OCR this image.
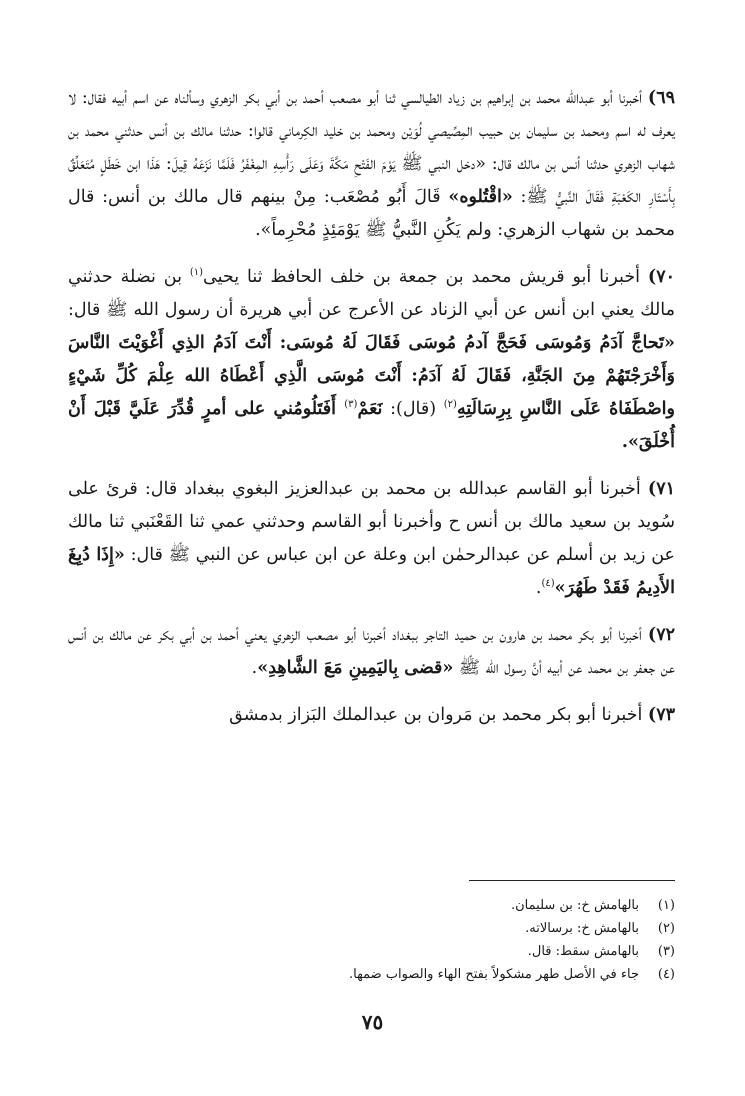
٦٩) أخبرنا أبو عبدالله محمد بن إبراهيم بن زياد الطيالسي ثنا أبو مصعب أحمد بن أبي بكر الزهري وسألناه عن اسم أبيه فقال: لا يعرف له اسم ومحمد بن سليمان بن حبيب المِصِّيصي لُوَيْن ومحمد بن خليد الكِرماني قالوا: حدثنا مالك بن أنس حدثني محمد بن شهاب الزهري حدثنا أنس بن مالك قال: «دخل النبي ﷺ يَوْمَ الفَتْحِ مَكَّةَ وَعَلَى رَأْسِهِ المِغْفَرُ فَلَمَّا نَزَعَهُ قِيلَ: هَذَا ابن خَطَلٍ مُتَعَلِّقٌ بِأَسْتَارِ الكَعْبَةِ فَقَالَ النَّبيُّ ﷺ: «اقْتُلوه» قَالَ أَبُو مُصْعَب: مِنْ بينهم قال مالك بن أنس: قال محمد بن شهاب الزهري: ولم يَكُنِ النَّبيُّ ﷺ يَوْمَئِذٍ مُحْرِماً».

٧٠) أخبرنا أبو قريش محمد بن جمعة بن خلف الحافظ ثنا يحيى$^{(١)}$ بن نضلة حدثني مالك يعني ابن أنس عن أبي الزناد عن الأعرج عن أبي هريرة أن رسول الله ﷺ قال: «تَحاجَّ آدَمُ وَمُوسَى فَحَجَّ آدمُ مُوسَى فَقَالَ لَهُ مُوسَى: أَنْتَ آدَمُ الذِي أَغْوَيْتَ النَّاسَ وَأَخْرَجْتَهُمْ مِنَ الجَنَّةِ، فَقَالَ لَهُ آدَمُ: أَنْتَ مُوسَى الَّذِي أَعْطَاهُ الله عِلْمَ كُلِّ شَيْءٍ واصْطَفَاهُ عَلَى النَّاسِ بِرِسَالَتِهِ$^{(٢)}$ (قال): نَعَمْ$^{(٣)}$ أَفَتَلُومُني على أمرٍ قُدِّرَ عَلَيَّ قَبْلَ أَنْ أُخْلَقَ».

٧١) أخبرنا أبو القاسم عبدالله بن محمد بن عبدالعزيز البغوي ببغداد قال: قرئ على سُويد بن سعيد مالك بن أنس ح وأخبرنا أبو القاسم وحدثني عمي ثنا القَعْنَبي ثنا مالك عن زيد بن أسلم عن عبدالرحمٰن ابن وعلة عن ابن عباس عن النبي ﷺ قال: «إِذَا دُبِغَ الأَدِيمُ فَقَدْ طَهُرَ»$^{(٤)}$.

٧٢) أخبرنا أبو بكر محمد بن هارون بن حميد التاجر ببغداد أخبرنا أبو مصعب الزهري يعني أحمد بن أبي بكر عن مالك بن أنس عن جعفر بن محمد عن أبيه أنَّ رسول الله ﷺ «قضى بِاليَمِينِ مَعَ الشَّاهِدِ».

٧٣) أخبرنا أبو بكر محمد بن مَروان بن عبدالملك البَزاز بدمشق

(١)بالهامش خ: بن سليمان.
(٢)بالهامش خ: برسالاته.
(٣)بالهامش سقط: قال.
(٤)جاء في الأصل طهر مشكولاً بفتح الهاء والصواب ضمها.
٧٥
